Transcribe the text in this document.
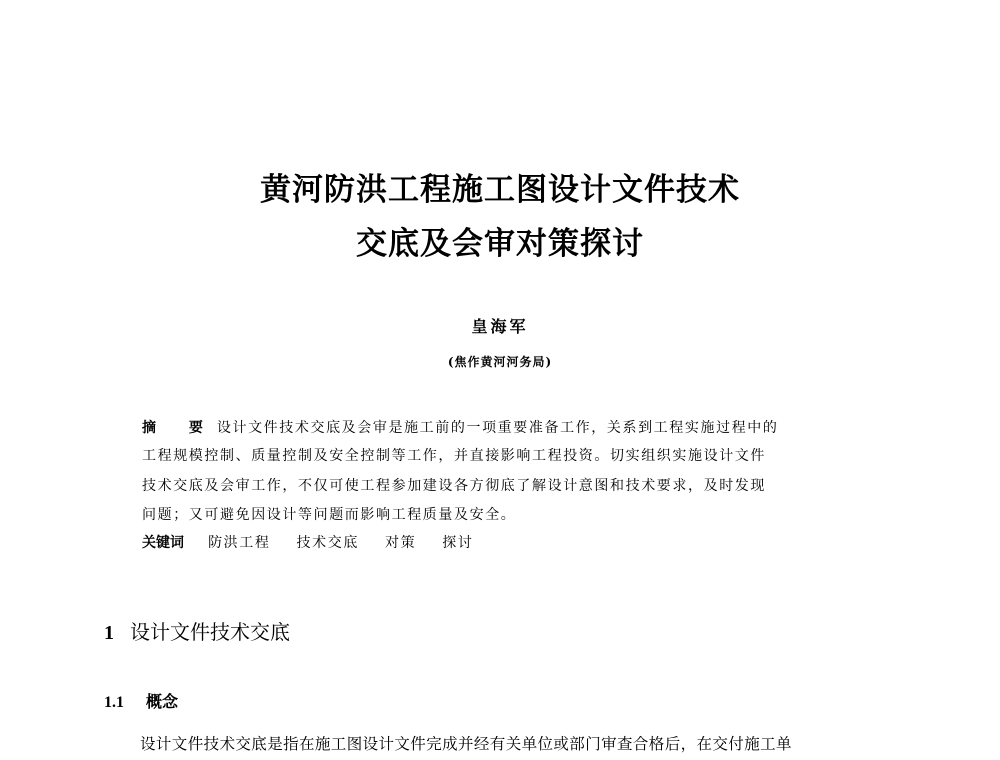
黄河防洪工程施工图设计文件技术
交底及会审对策探讨
皇海军
(焦作黄河河务局)
摘 要设计文件技术交底及会审是施工前的一项重要准备工作，关系到工程实施过程中的
工程规模控制、质量控制及安全控制等工作，并直接影响工程投资。切实组织实施设计文件
技术交底及会审工作，不仅可使工程参加建设各方彻底了解设计意图和技术要求，及时发现
问题；又可避免因设计等问题而影响工程质量及安全。
关键词 防洪工程 技术交底 对策 探讨
1 设计文件技术交底
1.1 概念
设计文件技术交底是指在施工图设计文件完成并经有关单位或部门审查合格后，在交付施工单
